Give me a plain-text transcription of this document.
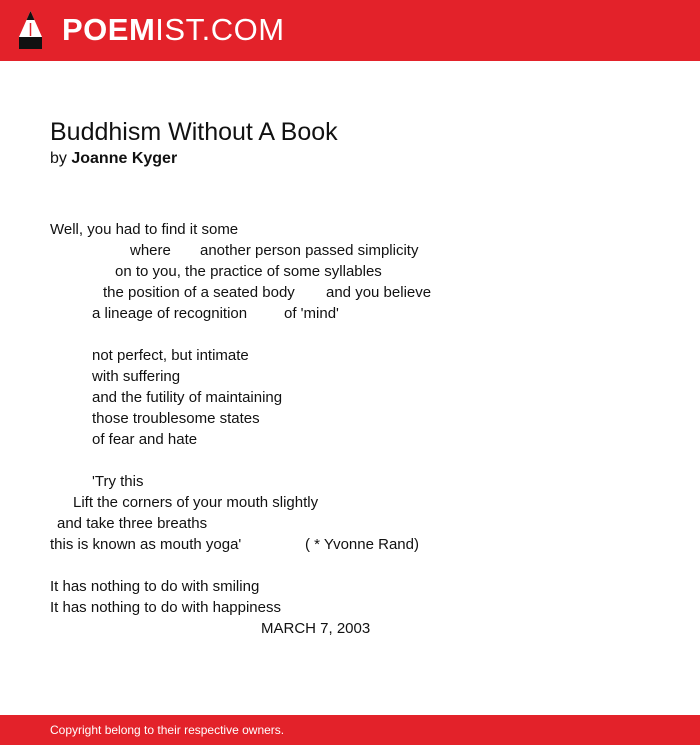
POEMIST.COM
Buddhism Without A Book
by Joanne Kyger
Well, you had to find it some
where another person passed simplicity
on to you, the practice of some syllables
the position of a seated body and you believe
a lineage of recognition of 'mind'
not perfect, but intimate
with suffering
and the futility of maintaining
those troublesome states
of fear and hate
'Try this
Lift the corners of your mouth slightly
and take three breaths
this is known as mouth yoga'	( * Yvonne Rand)
It has nothing to do with smiling
It has nothing to do with happiness
MARCH 7, 2003
Copyright belong to their respective owners.
